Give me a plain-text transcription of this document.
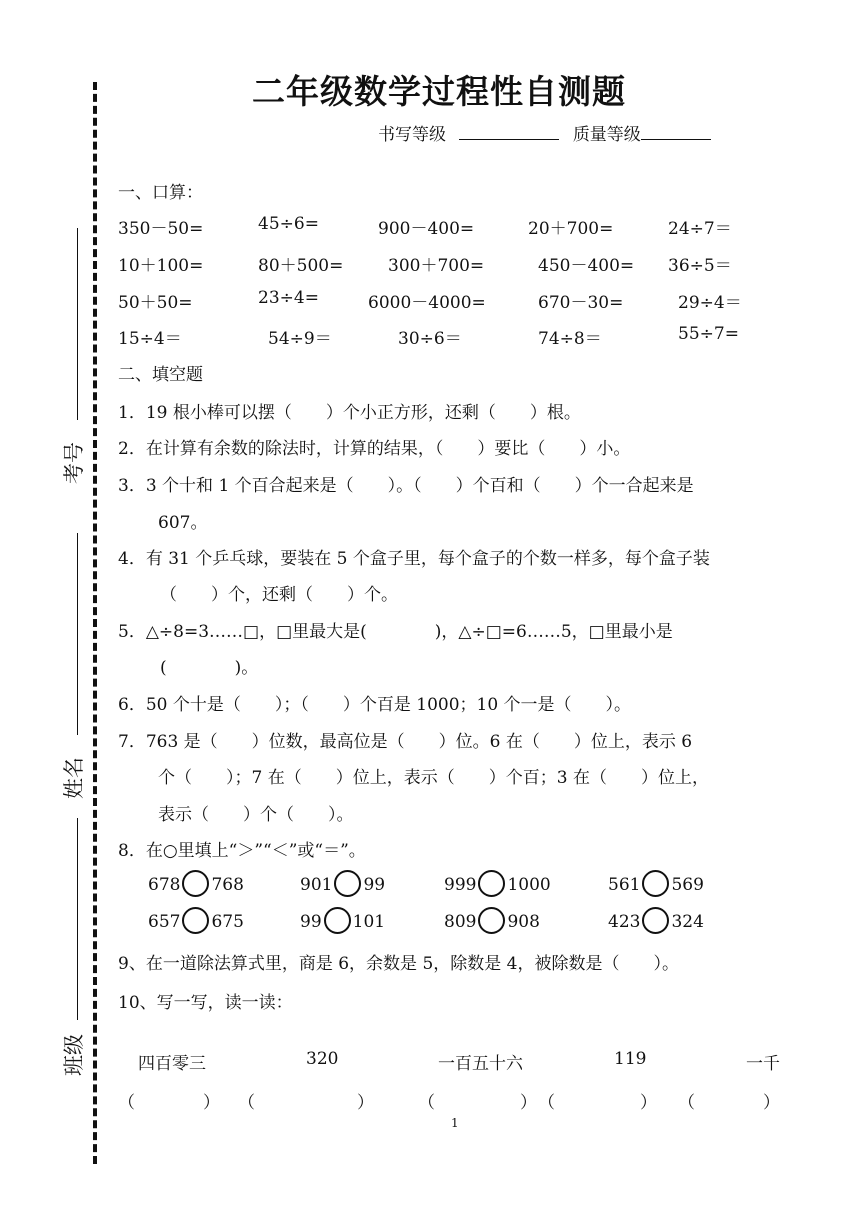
考号
姓名
班级
二年级数学过程性自测题
书写等级	质量等级
一、口算：
350－50=	45÷6=	900－400=	20＋700=	24÷7＝
10＋100=	80＋500=	300＋700=	450－400= 36÷5＝
50＋50=	23÷4=	6000－4000=	670－30=	29÷4＝
15÷4＝	54÷9＝	30÷6＝	74÷8＝	55÷7=
二、填空题
1．19 根小棒可以摆（　　）个小正方形，还剩（　　）根。
2．在计算有余数的除法时，计算的结果，（　　）要比（　　）小。
3．3 个十和 1 个百合起来是（　　）。（　　）个百和（　　）个一合起来是
607。
4．有 31 个乒乓球，要装在 5 个盒子里，每个盒子的个数一样多，每个盒子装
（　　）个，还剩（　　）个。
5．△÷8=3……□，□里最大是(　　　　)，△÷□=6……5，□里最小是
(　　　　)。
6．50 个十是（　　）；（　　）个百是 1000；10 个一是（　　）。
7．763 是（　　）位数，最高位是（　　）位。6 在（　　）位上，表示 6
个（　　）；7 在（　　）位上，表示（　　）个百；3 在（　　）位上，
表示（　　）个（　　）。
8．在○里填上“＞”“＜”或“＝”。
678 768	901 99	999 1000	561 569
657 675	99 101	809 908	423 324
9、在一道除法算式里，商是 6，余数是 5，除数是 4，被除数是（　　）。
10、写一写，读一读：
四百零三	320	一百五十六	119	一千
（　　　　） （　　　　　　）	（　　　　　） （　　　　　） （　　　　）
1
